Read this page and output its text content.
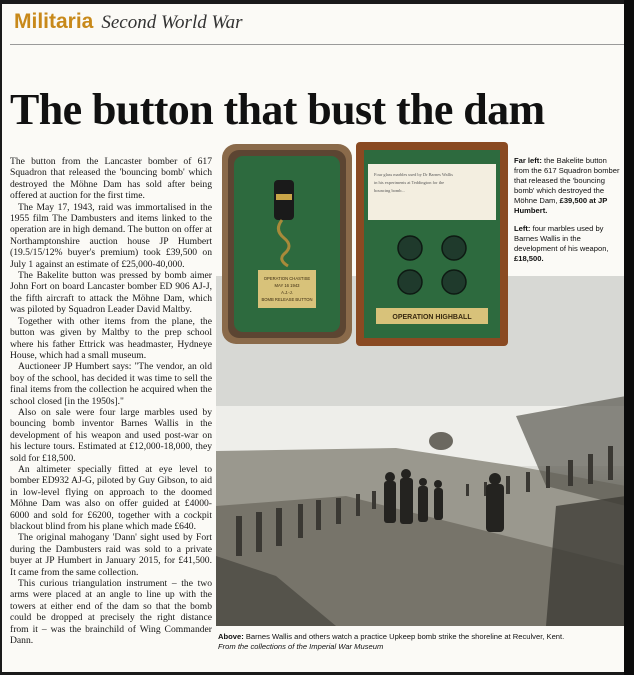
Militaria Second World War
The button that bust the dam

The button from the Lancaster bomber of 617 Squadron that released the 'bouncing bomb' which destroyed the Möhne Dam has sold after being offered at auction for the first time.

The May 17, 1943, raid was immortalised in the 1955 film The Dambusters and items linked to the operation are in high demand. The button on offer at Northamptonshire auction house JP Humbert (19.5/15/12% buyer's premium) took £39,500 on July 1 against an estimate of £25,000-40,000.

The Bakelite button was pressed by bomb aimer John Fort on board Lancaster bomber ED 906 AJ-J, the fifth aircraft to attack the Möhne Dam, which was piloted by Squadron Leader David Maltby.

Together with other items from the plane, the button was given by Maltby to the prep school where his father Ettrick was headmaster, Hydneye House, which had a small museum.

Auctioneer JP Humbert says: "The vendor, an old boy of the school, has decided it was time to sell the final items from the collection he acquired when the school closed [in the 1950s]."

Also on sale were four large marbles used by bouncing bomb inventor Barnes Wallis in the development of his weapon and used post-war on his lecture tours. Estimated at £12,000-18,000, they sold for £18,500.

An altimeter specially fitted at eye level to bomber ED932 AJ-G, piloted by Guy Gibson, to aid in low-level flying on approach to the doomed Möhne Dam was also on offer guided at £4000-6000 and sold for £6200, together with a cockpit blackout blind from his plane which made £640.

The original mahogany 'Dann' sight used by Fort during the Dambusters raid was sold to a private buyer at JP Humbert in January 2015, for £41,500. It came from the same collection.

This curious triangulation instrument – the two arms were placed at an angle to line up with the towers at either end of the dam so that the bomb could be dropped at precisely the right distance from it – was the brainchild of Wing Commander Dann.

Far left: the Bakelite button from the 617 Squadron bomber that released the 'bouncing bomb' which destroyed the Möhne Dam, £39,500 at JP Humbert.

Left: four marbles used by Barnes Wallis in the development of his weapon, £18,500.

OPERATION CHASTISE
MAY 16 1943
A.J.-J.
BOMB RELEASE BUTTON
Four glass marbles used by Dr Barnes Wallis
in his experiments at Teddington for the
bouncing bomb...
OPERATION HIGHBALL
Above: Barnes Wallis and others watch a practice Upkeep bomb strike the shoreline at Reculver, Kent.
From the collections of the Imperial War Museum
